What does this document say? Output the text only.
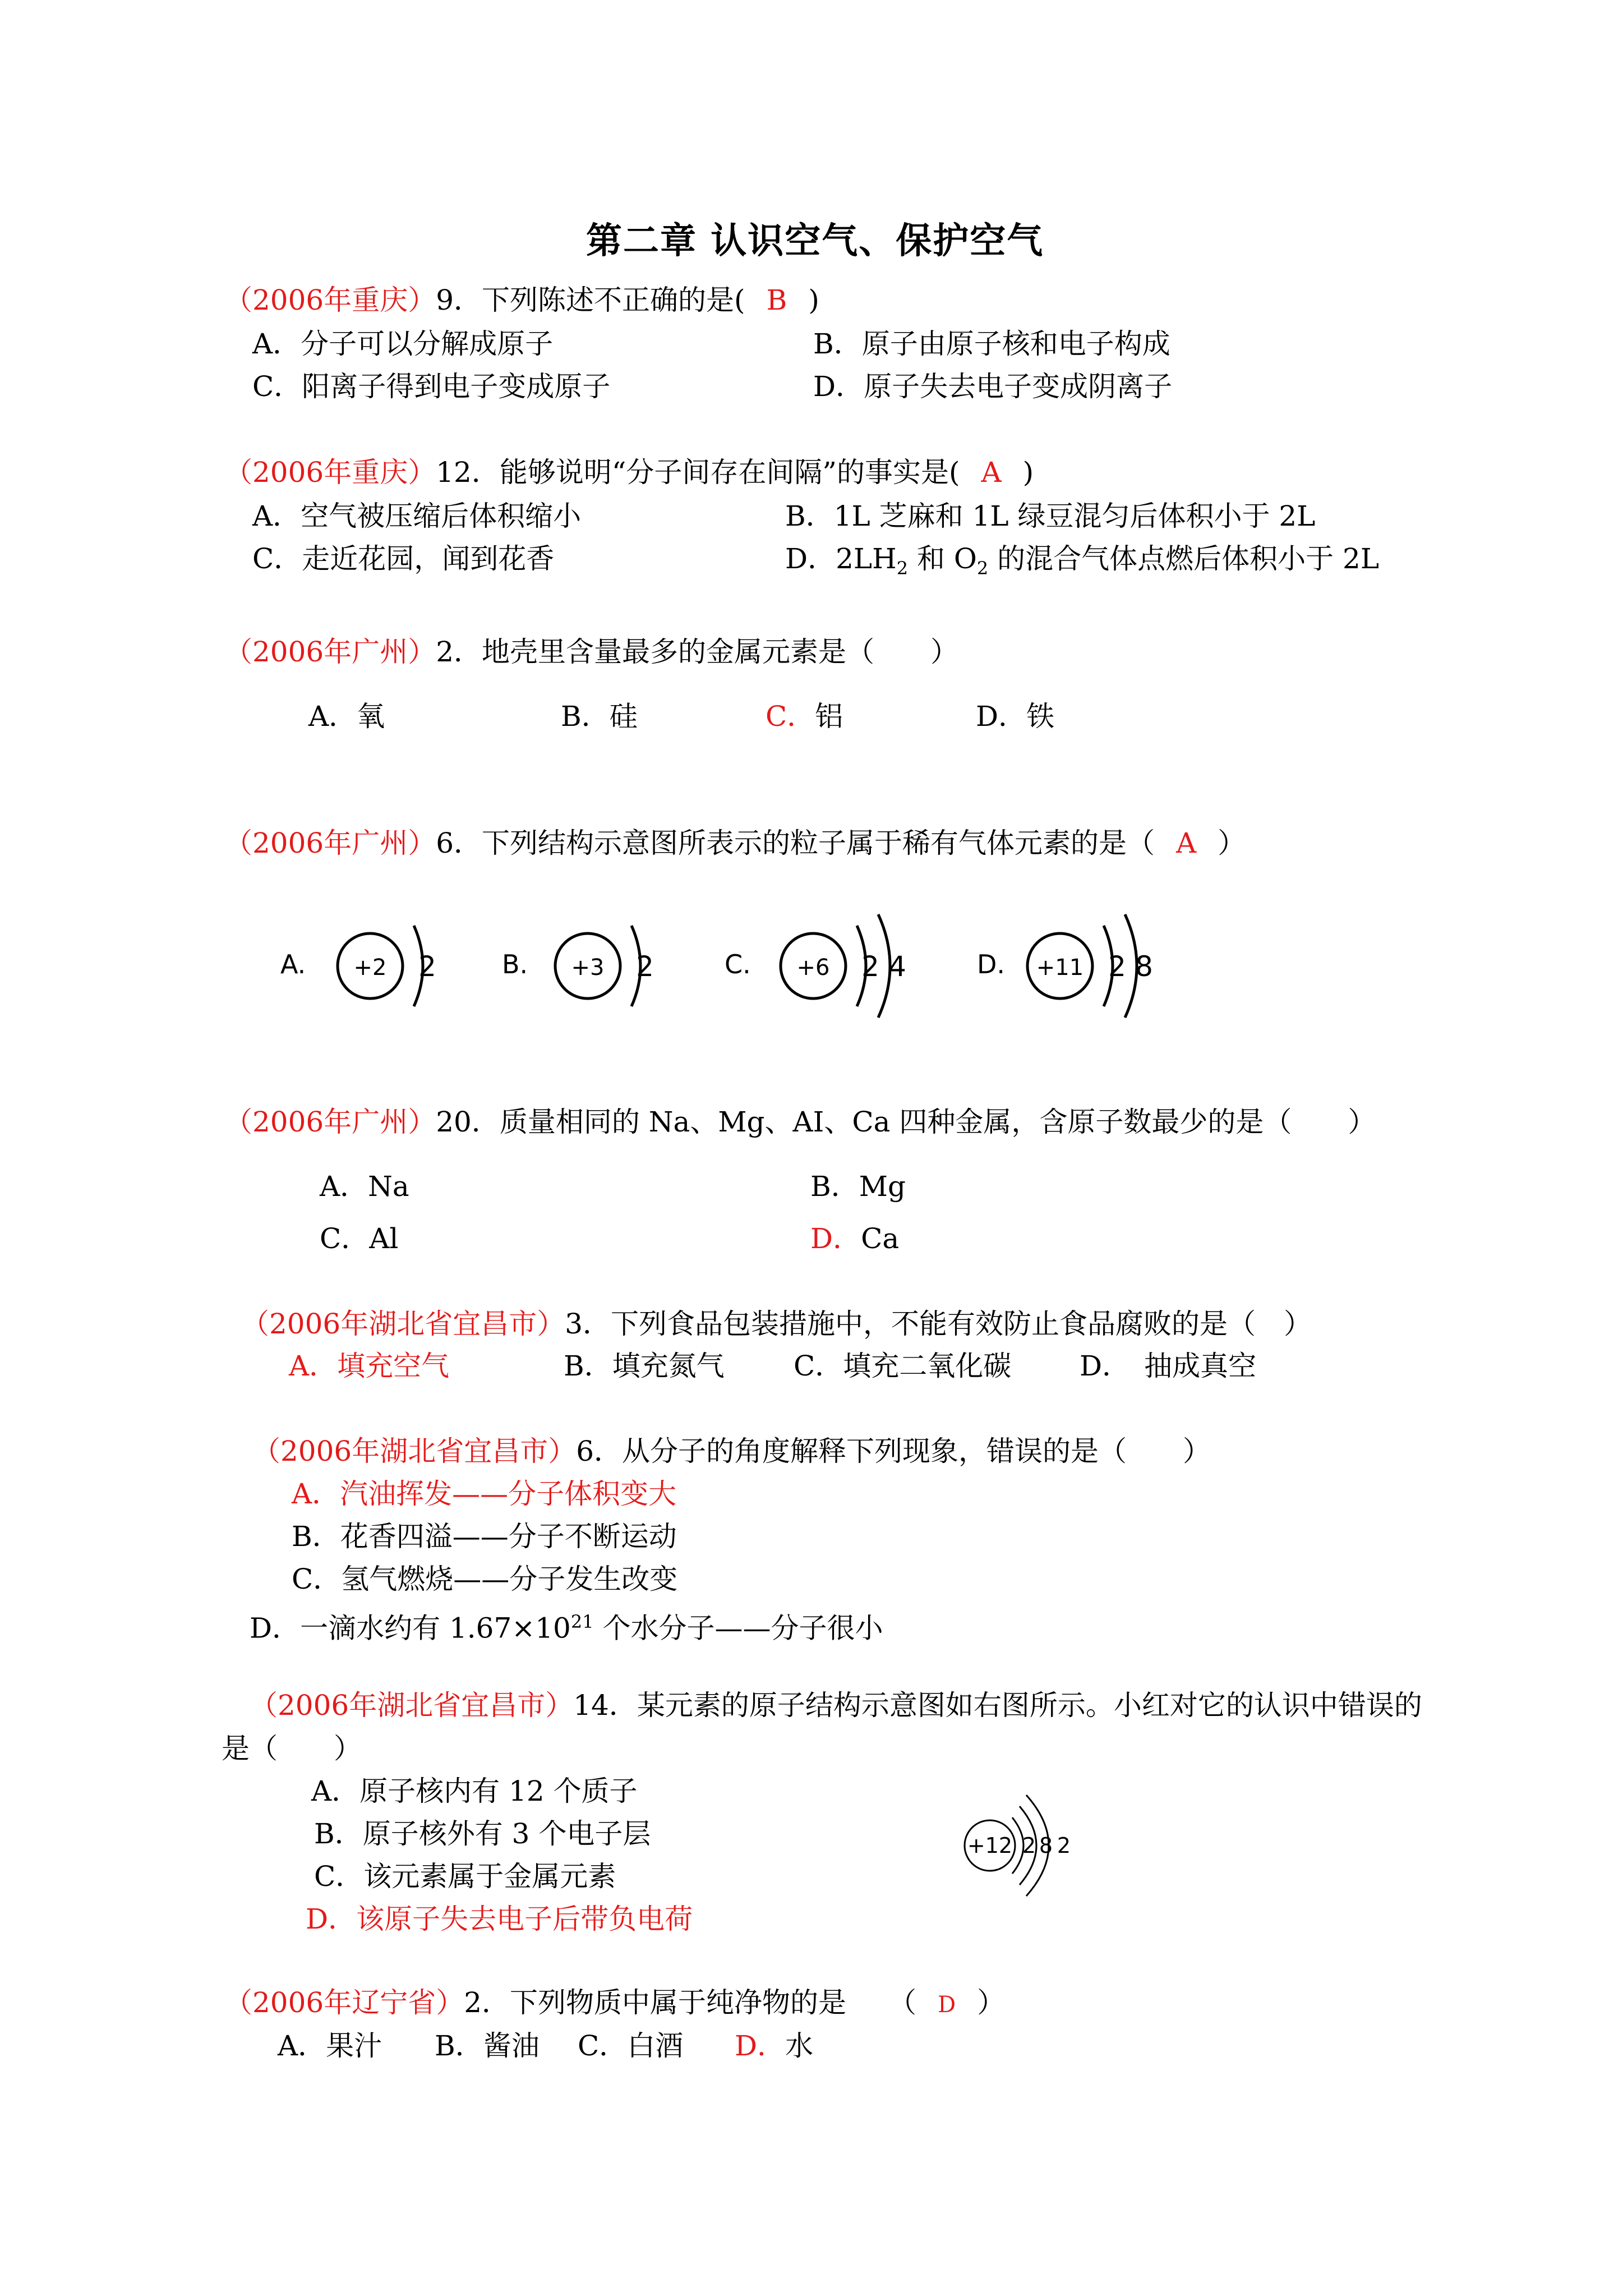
第二章 认识空气、保护空气
（2006年重庆）9．下列陈述不正确的是( B )
A．分子可以分解成原子	B．原子由原子核和电子构成
C．阳离子得到电子变成原子	D．原子失去电子变成阴离子
（2006年重庆）12．能够说明“分子间存在间隔”的事实是( A )
A．空气被压缩后体积缩小	B．1L 芝麻和 1L 绿豆混匀后体积小于 2L
C．走近花园，闻到花香	D．$2LH_2$ 和 $O_2$ 的混合气体点燃后体积小于 2L
（2006年广州）2．地壳里含量最多的金属元素是（　　）
A．氧	B．硅	C．铝	D．铁
（2006年广州）6．下列结构示意图所表示的粒子属于稀有气体元素的是（ A ）
A. +2 2	B. +3 2	C. +6 2 4	D. +11 2 8
（2006年广州）20．质量相同的 Na、Mg、AI、Ca 四种金属，含原子数最少的是（　　）
A．Na	B．Mg
C．Al	D．Ca
（2006年湖北省宜昌市）3．下列食品包装措施中，不能有效防止食品腐败的是（　）
A．填充空气	B．填充氮气 C．填充二氧化碳 D．　抽成真空
（2006年湖北省宜昌市）6．从分子的角度解释下列现象，错误的是（　　）
A．汽油挥发——分子体积变大
B．花香四溢——分子不断运动
C．氢气燃烧——分子发生改变
D．一滴水约有 $1.67\times 10^{21}$ 个水分子——分子很小
（2006年湖北省宜昌市）14．某元素的原子结构示意图如右图所示。小红对它的认识中错误的
是（　　）
A．原子核内有 12 个质子
B．原子核外有 3 个电子层
C．该元素属于金属元素
D．该原子失去电子后带负电荷
+12 2 8 2
（2006年辽宁省）2．下列物质中属于纯净物的是　　（ D ）
A．果汁 B．酱油 C．白酒 D．水
